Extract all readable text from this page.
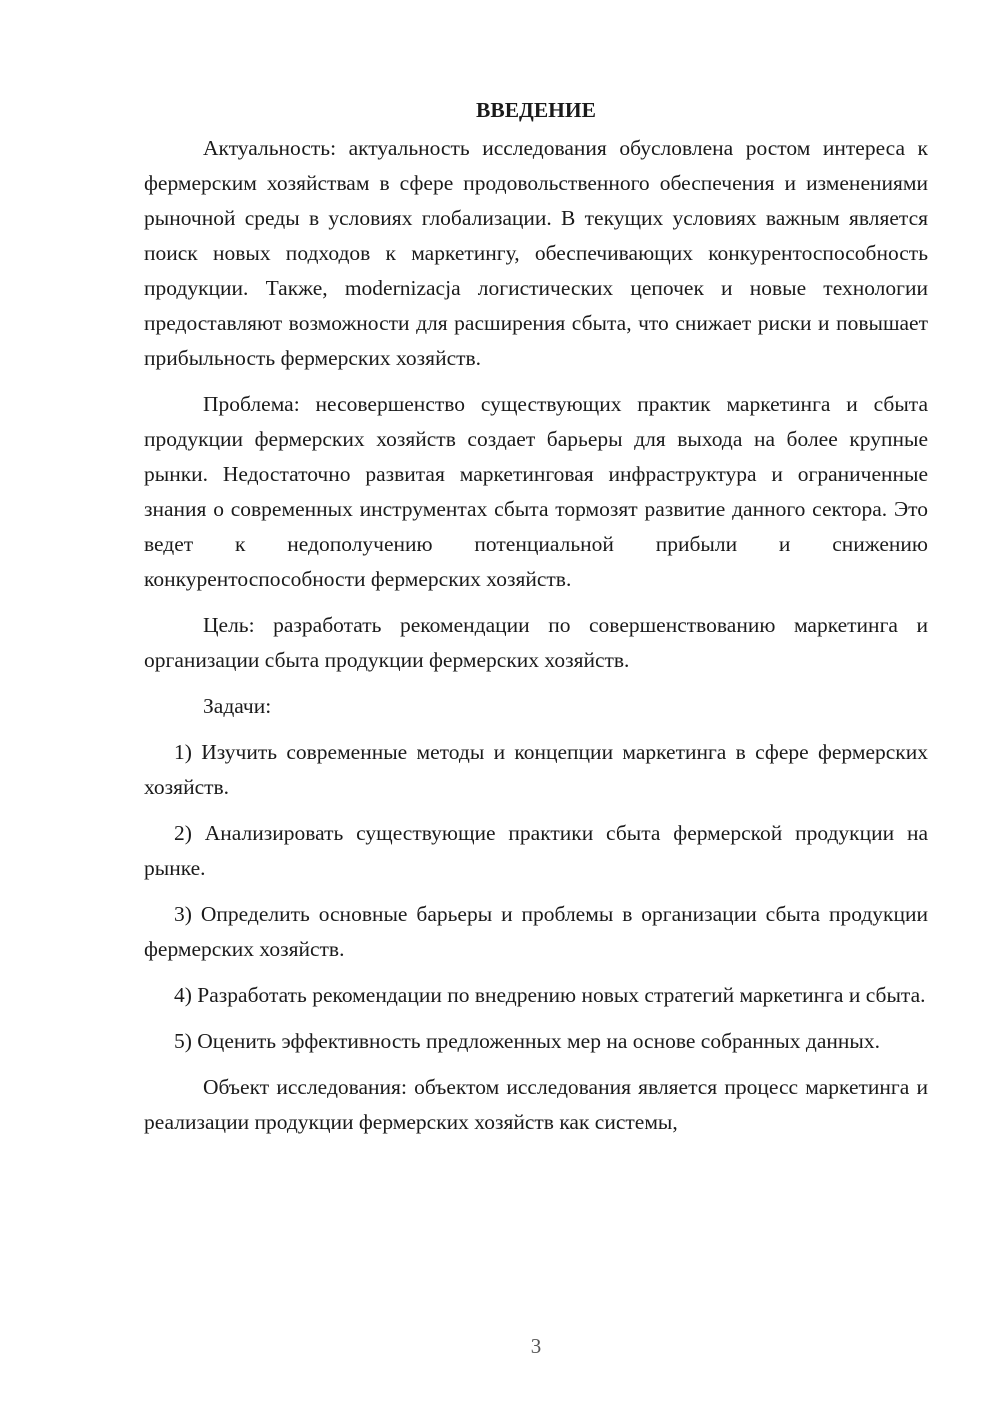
ВВЕДЕНИЕ

Актуальность: актуальность исследования обусловлена ростом интереса к фермерским хозяйствам в сфере продовольственного обеспечения и изменениями рыночной среды в условиях глобализации. В текущих условиях важным является поиск новых подходов к маркетингу, обеспечивающих конкурентоспособность продукции. Также, modernizacja логистических цепочек и новые технологии предоставляют возможности для расширения сбыта, что снижает риски и повышает прибыльность фермерских хозяйств.

Проблема: несовершенство существующих практик маркетинга и сбыта продукции фермерских хозяйств создает барьеры для выхода на более крупные рынки. Недостаточно развитая маркетинговая инфраструктура и ограниченные знания о современных инструментах сбыта тормозят развитие данного сектора. Это ведет к недополучению потенциальной прибыли и снижению конкурентоспособности фермерских хозяйств.

Цель: разработать рекомендации по совершенствованию маркетинга и организации сбыта продукции фермерских хозяйств.

Задачи:

1) Изучить современные методы и концепции маркетинга в сфере фермерских хозяйств.

2) Анализировать существующие практики сбыта фермерской продукции на рынке.

3) Определить основные барьеры и проблемы в организации сбыта продукции фермерских хозяйств.

4) Разработать рекомендации по внедрению новых стратегий маркетинга и сбыта.

5) Оценить эффективность предложенных мер на основе собранных данных.

Объект исследования: объектом исследования является процесс маркетинга и реализации продукции фермерских хозяйств как системы,

3
